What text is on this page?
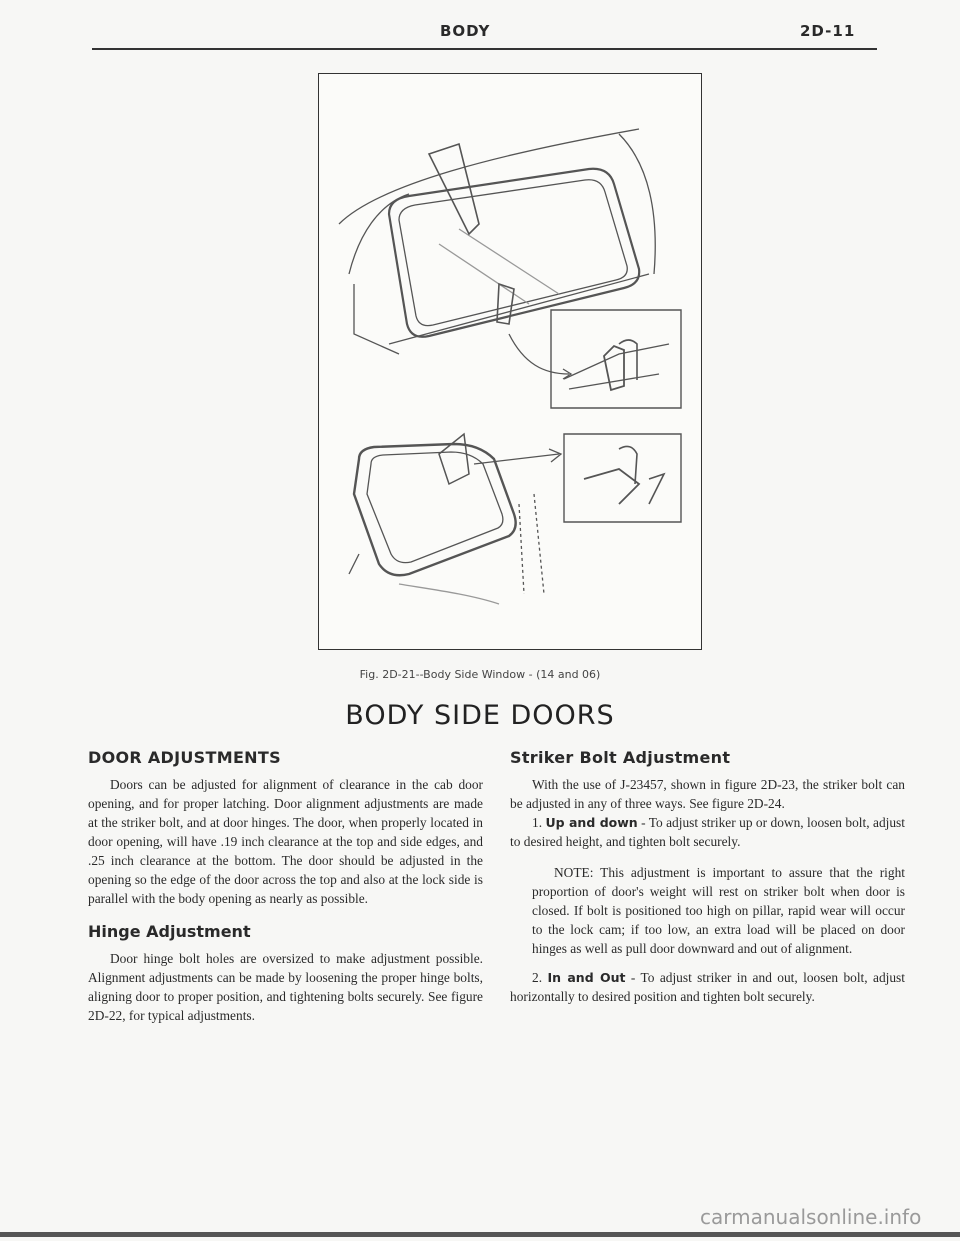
BODY	2D-11
Fig. 2D-21--Body Side Window - (14 and 06)
BODY SIDE DOORS
DOOR ADJUSTMENTS

Doors can be adjusted for alignment of clearance in the cab door opening, and for proper latching. Door alignment adjustments are made at the striker bolt, and at door hinges. The door, when properly located in door opening, will have .19 inch clearance at the top and side edges, and .25 inch clearance at the bottom. The door should be adjusted in the opening so the edge of the door across the top and also at the lock side is parallel with the body opening as nearly as possible.

Hinge Adjustment

Door hinge bolt holes are oversized to make adjustment possible. Alignment adjustments can be made by loosening the proper hinge bolts, aligning door to proper position, and tightening bolts securely. See figure 2D-22, for typical adjustments.

Striker Bolt Adjustment

With the use of J-23457, shown in figure 2D-23, the striker bolt can be adjusted in any of three ways. See figure 2D-24.

1. Up and down - To adjust striker up or down, loosen bolt, adjust to desired height, and tighten bolt securely.

NOTE: This adjustment is important to assure that the right proportion of door's weight will rest on striker bolt when door is closed. If bolt is positioned too high on pillar, rapid wear will occur to the lock cam; if too low, an extra load will be placed on door hinges as well as pull door downward and out of alignment.

2. In and Out - To adjust striker in and out, loosen bolt, adjust horizontally to desired position and tighten bolt securely.

carmanualsonline.info
